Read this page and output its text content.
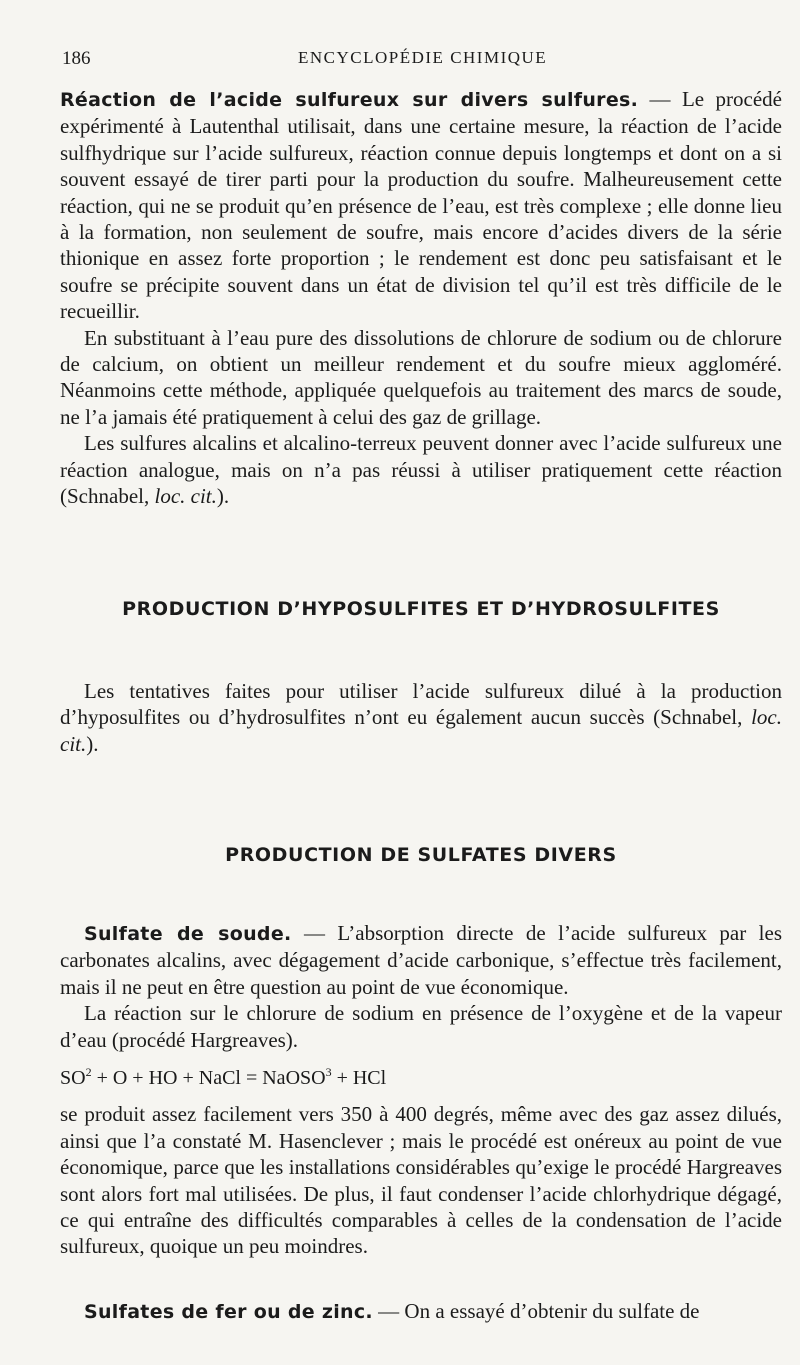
186	ENCYCLOPÉDIE CHIMIQUE

Réaction de l’acide sulfureux sur divers sulfures. — Le procédé expérimenté à Lautenthal utilisait, dans une certaine mesure, la réaction de l’acide sulfhydrique sur l’acide sulfureux, réaction connue depuis longtemps et dont on a si souvent essayé de tirer parti pour la production du soufre. Malheureusement cette réaction, qui ne se produit qu’en présence de l’eau, est très complexe ; elle donne lieu à la formation, non seulement de soufre, mais encore d’acides divers de la série thionique en assez forte proportion ; le rendement est donc peu satisfaisant et le soufre se précipite souvent dans un état de division tel qu’il est très difficile de le recueillir.

En substituant à l’eau pure des dissolutions de chlorure de sodium ou de chlorure de calcium, on obtient un meilleur rendement et du soufre mieux aggloméré. Néanmoins cette méthode, appliquée quelquefois au traitement des marcs de soude, ne l’a jamais été pratiquement à celui des gaz de grillage.

Les sulfures alcalins et alcalino-terreux peuvent donner avec l’acide sulfureux une réaction analogue, mais on n’a pas réussi à utiliser pratiquement cette réaction (Schnabel, loc. cit.).

PRODUCTION D’HYPOSULFITES ET D’HYDROSULFITES

Les tentatives faites pour utiliser l’acide sulfureux dilué à la production d’hyposulfites ou d’hydrosulfites n’ont eu également aucun succès (Schnabel, loc. cit.).

PRODUCTION DE SULFATES DIVERS

Sulfate de soude. — L’absorption directe de l’acide sulfureux par les carbonates alcalins, avec dégagement d’acide carbonique, s’effectue très facilement, mais il ne peut en être question au point de vue économique.

La réaction sur le chlorure de sodium en présence de l’oxygène et de la vapeur d’eau (procédé Hargreaves).

$SO^2 + O$ + HO + NaCl = NaOSO$^3$ + HCl

se produit assez facilement vers 350 à 400 degrés, même avec des gaz assez dilués, ainsi que l’a constaté M. Hasenclever ; mais le procédé est onéreux au point de vue économique, parce que les installations considérables qu’exige le procédé Hargreaves sont alors fort mal utilisées. De plus, il faut condenser l’acide chlorhydrique dégagé, ce qui entraîne des difficultés comparables à celles de la condensation de l’acide sulfureux, quoique un peu moindres.

Sulfates de fer ou de zinc. — On a essayé d’obtenir du sulfate de
